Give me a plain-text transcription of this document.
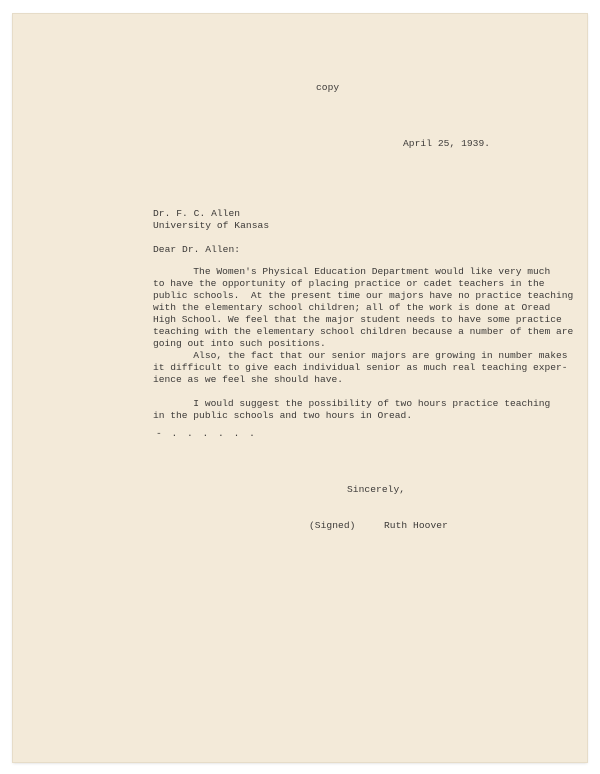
copy
April 25, 1939.
Dr. F. C. Allen
University of Kansas
Dear Dr. Allen:
The Women's Physical Education Department would like very much
to have the opportunity of placing practice or cadet teachers in the
public schools.  At the present time our majors have no practice teaching
with the elementary school children; all of the work is done at Oread
High School. We feel that the major student needs to have some practice
teaching with the elementary school children because a number of them are
going out into such positions.
Also, the fact that our senior majors are growing in number makes
it difficult to give each individual senior as much real teaching exper-
ience as we feel she should have.
I would suggest the possibility of two hours practice teaching
in the public schools and two hours in Oread.
- . . . . . .
Sincerely,
(Signed)	Ruth Hoover
